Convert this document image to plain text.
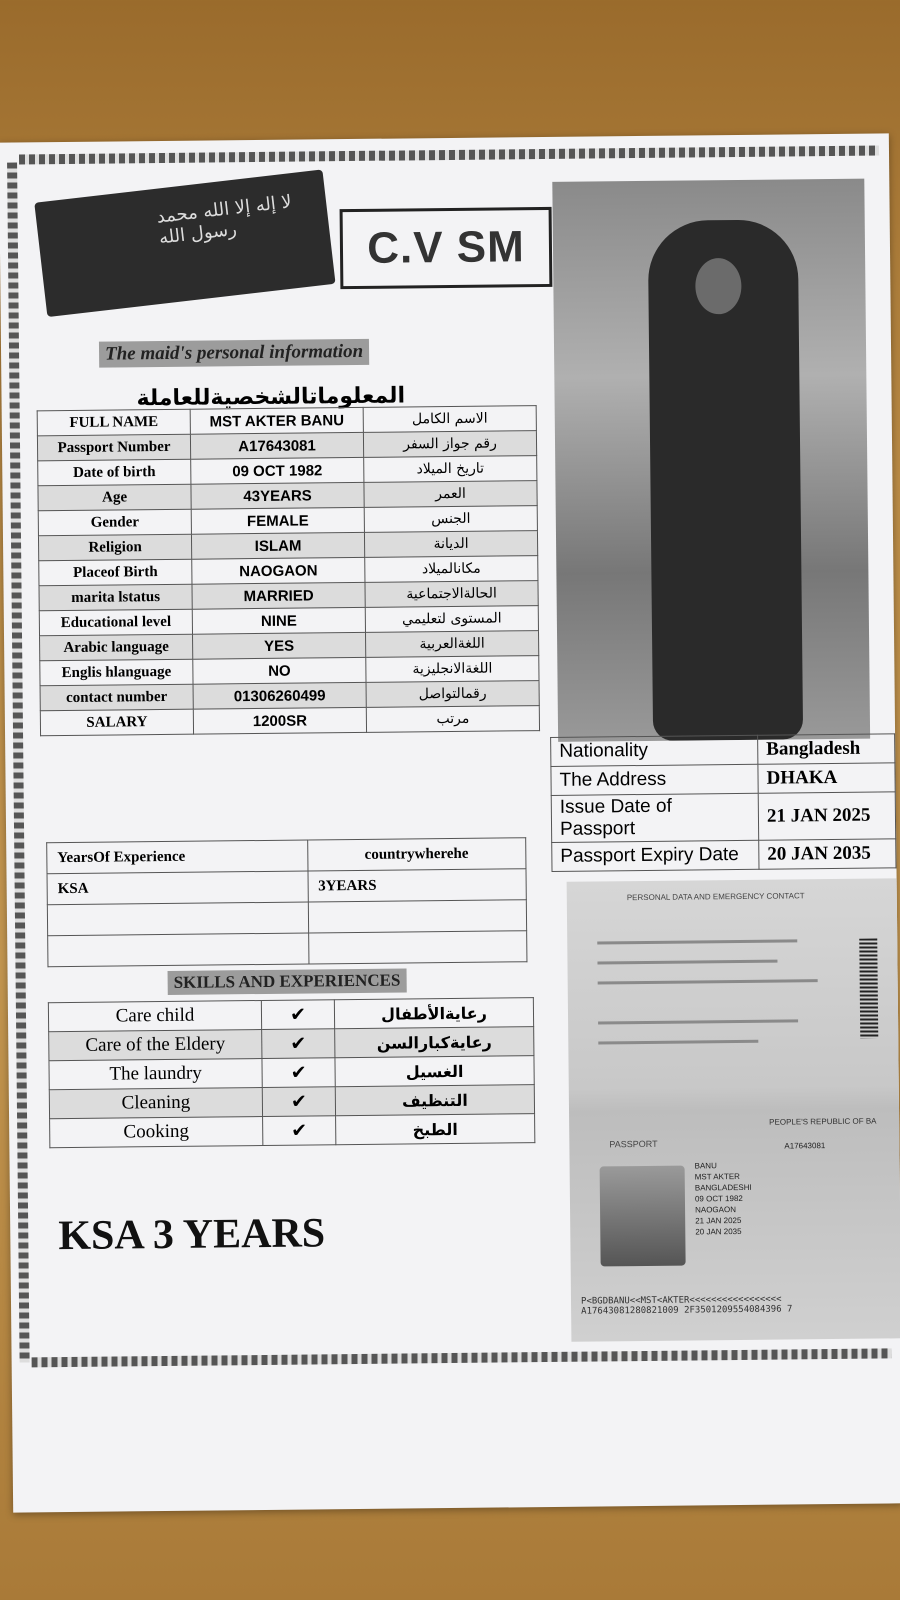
لا إله إلا الله محمد رسول الله	C.V SM
The maid's personal information
المعلوماتالشخصيةللعاملة
FULL NAME	MST AKTER BANU	الاسم الكامل
Passport Number	A17643081	رقم جواز السفر
Date of birth	09 OCT 1982	تاريخ الميلاد
Age	43YEARS	العمر
Gender	FEMALE	الجنس
Religion	ISLAM	الديانة
Placeof Birth	NAOGAON	مكانالميلاد
marita lstatus	MARRIED	الحالةالاجتماعية
Educational level	NINE	المستوى لتعليمي
Arabic language	YES	اللغةالعربية
Englis hlanguage	NO	اللغةالانجليزية
contact number	01306260499	رقمالتواصل
SALARY	1200SR	مرتب
YearsOf Experience	countrywherehe
KSA	3YEARS

SKILLS AND EXPERIENCES
Care child	✔	رعايةالأطفال
Care of the Eldery	✔	رعايةكبارالسن
The laundry	✔	الغسيل
Cleaning	✔	التنظيف
Cooking	✔	الطبخ
KSA 3 YEARS
Nationality	Bangladesh
The Address	DHAKA
Issue Date of Passport	21 JAN 2025
Passport Expiry Date	20 JAN 2035
PERSONAL DATA AND EMERGENCY CONTACT
PEOPLE'S REPUBLIC OF BA
PASSPORT
BANU
MST AKTER
BANGLADESHI
09 OCT 1982
NAOGAON
21 JAN 2025
20 JAN 2035
A17643081
P<BGDBANU<<MST<AKTER<<<<<<<<<<<<<<<<<
A17643081280821009 2F3501209554084396 7
